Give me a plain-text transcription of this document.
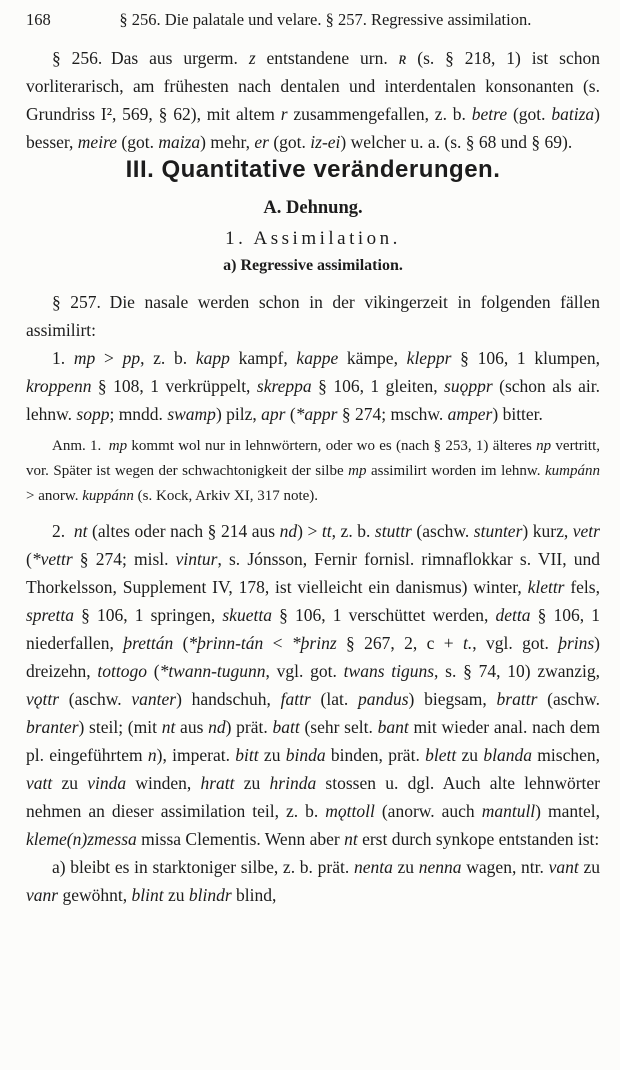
168	§ 256. Die palatale und velare. § 257. Regressive assimilation.

§ 256. Das aus urgerm. z entstandene urn. ʀ (s. § 218, 1) ist schon vorliterarisch, am frühesten nach dentalen und interdentalen konsonanten (s. Grundriss I², 569, § 62), mit altem r zusammengefallen, z. b. betre (got. batiza) besser, meire (got. maiza) mehr, er (got. iz-ei) welcher u. a. (s. § 68 und § 69).

III. Quantitative veränderungen.
A. Dehnung.
1. Assimilation.
a) Regressive assimilation.

§ 257. Die nasale werden schon in der vikingerzeit in folgenden fällen assimilirt:

1. mp > pp, z. b. kapp kampf, kappe kämpe, kleppr § 106, 1 klumpen, kroppenn § 108, 1 verkrüppelt, skreppa § 106, 1 gleiten, suǫppr (schon als air. lehnw. sopp; mndd. swamp) pilz, apr (*appr § 274; mschw. amper) bitter.

Anm. 1. mp kommt wol nur in lehnwörtern, oder wo es (nach § 253, 1) älteres np vertritt, vor. Später ist wegen der schwachtonigkeit der silbe mp assimilirt worden im lehnw. kumpánn > anorw. kuppánn (s. Kock, Arkiv XI, 317 note).

2. nt (altes oder nach § 214 aus nd) > tt, z. b. stuttr (aschw. stunter) kurz, vetr (*vettr § 274; misl. vintur, s. Jónsson, Fernir fornisl. rimnaflokkar s. VII, und Thorkelsson, Supplement IV, 178, ist vielleicht ein danismus) winter, klettr fels, spretta § 106, 1 springen, skuetta § 106, 1 verschüttet werden, detta § 106, 1 niederfallen, þrettán (*þrinn-tán < *þrinz § 267, 2, c + t., vgl. got. þrins) dreizehn, tottogo (*twann-tugunn, vgl. got. twans tiguns, s. § 74, 10) zwanzig, vǫttr (aschw. vanter) handschuh, fattr (lat. pandus) biegsam, brattr (aschw. branter) steil; (mit nt aus nd) prät. batt (sehr selt. bant mit wieder anal. nach dem pl. eingeführtem n), imperat. bitt zu binda binden, prät. blett zu blanda mischen, vatt zu vinda winden, hratt zu hrinda stossen u. dgl. Auch alte lehnwörter nehmen an dieser assimilation teil, z. b. mǫttoll (anorw. auch mantull) mantel, kleme(n)zmessa missa Clementis. Wenn aber nt erst durch synkope entstanden ist:

a) bleibt es in starktoniger silbe, z. b. prät. nenta zu nenna wagen, ntr. vant zu vanr gewöhnt, blint zu blindr blind,
